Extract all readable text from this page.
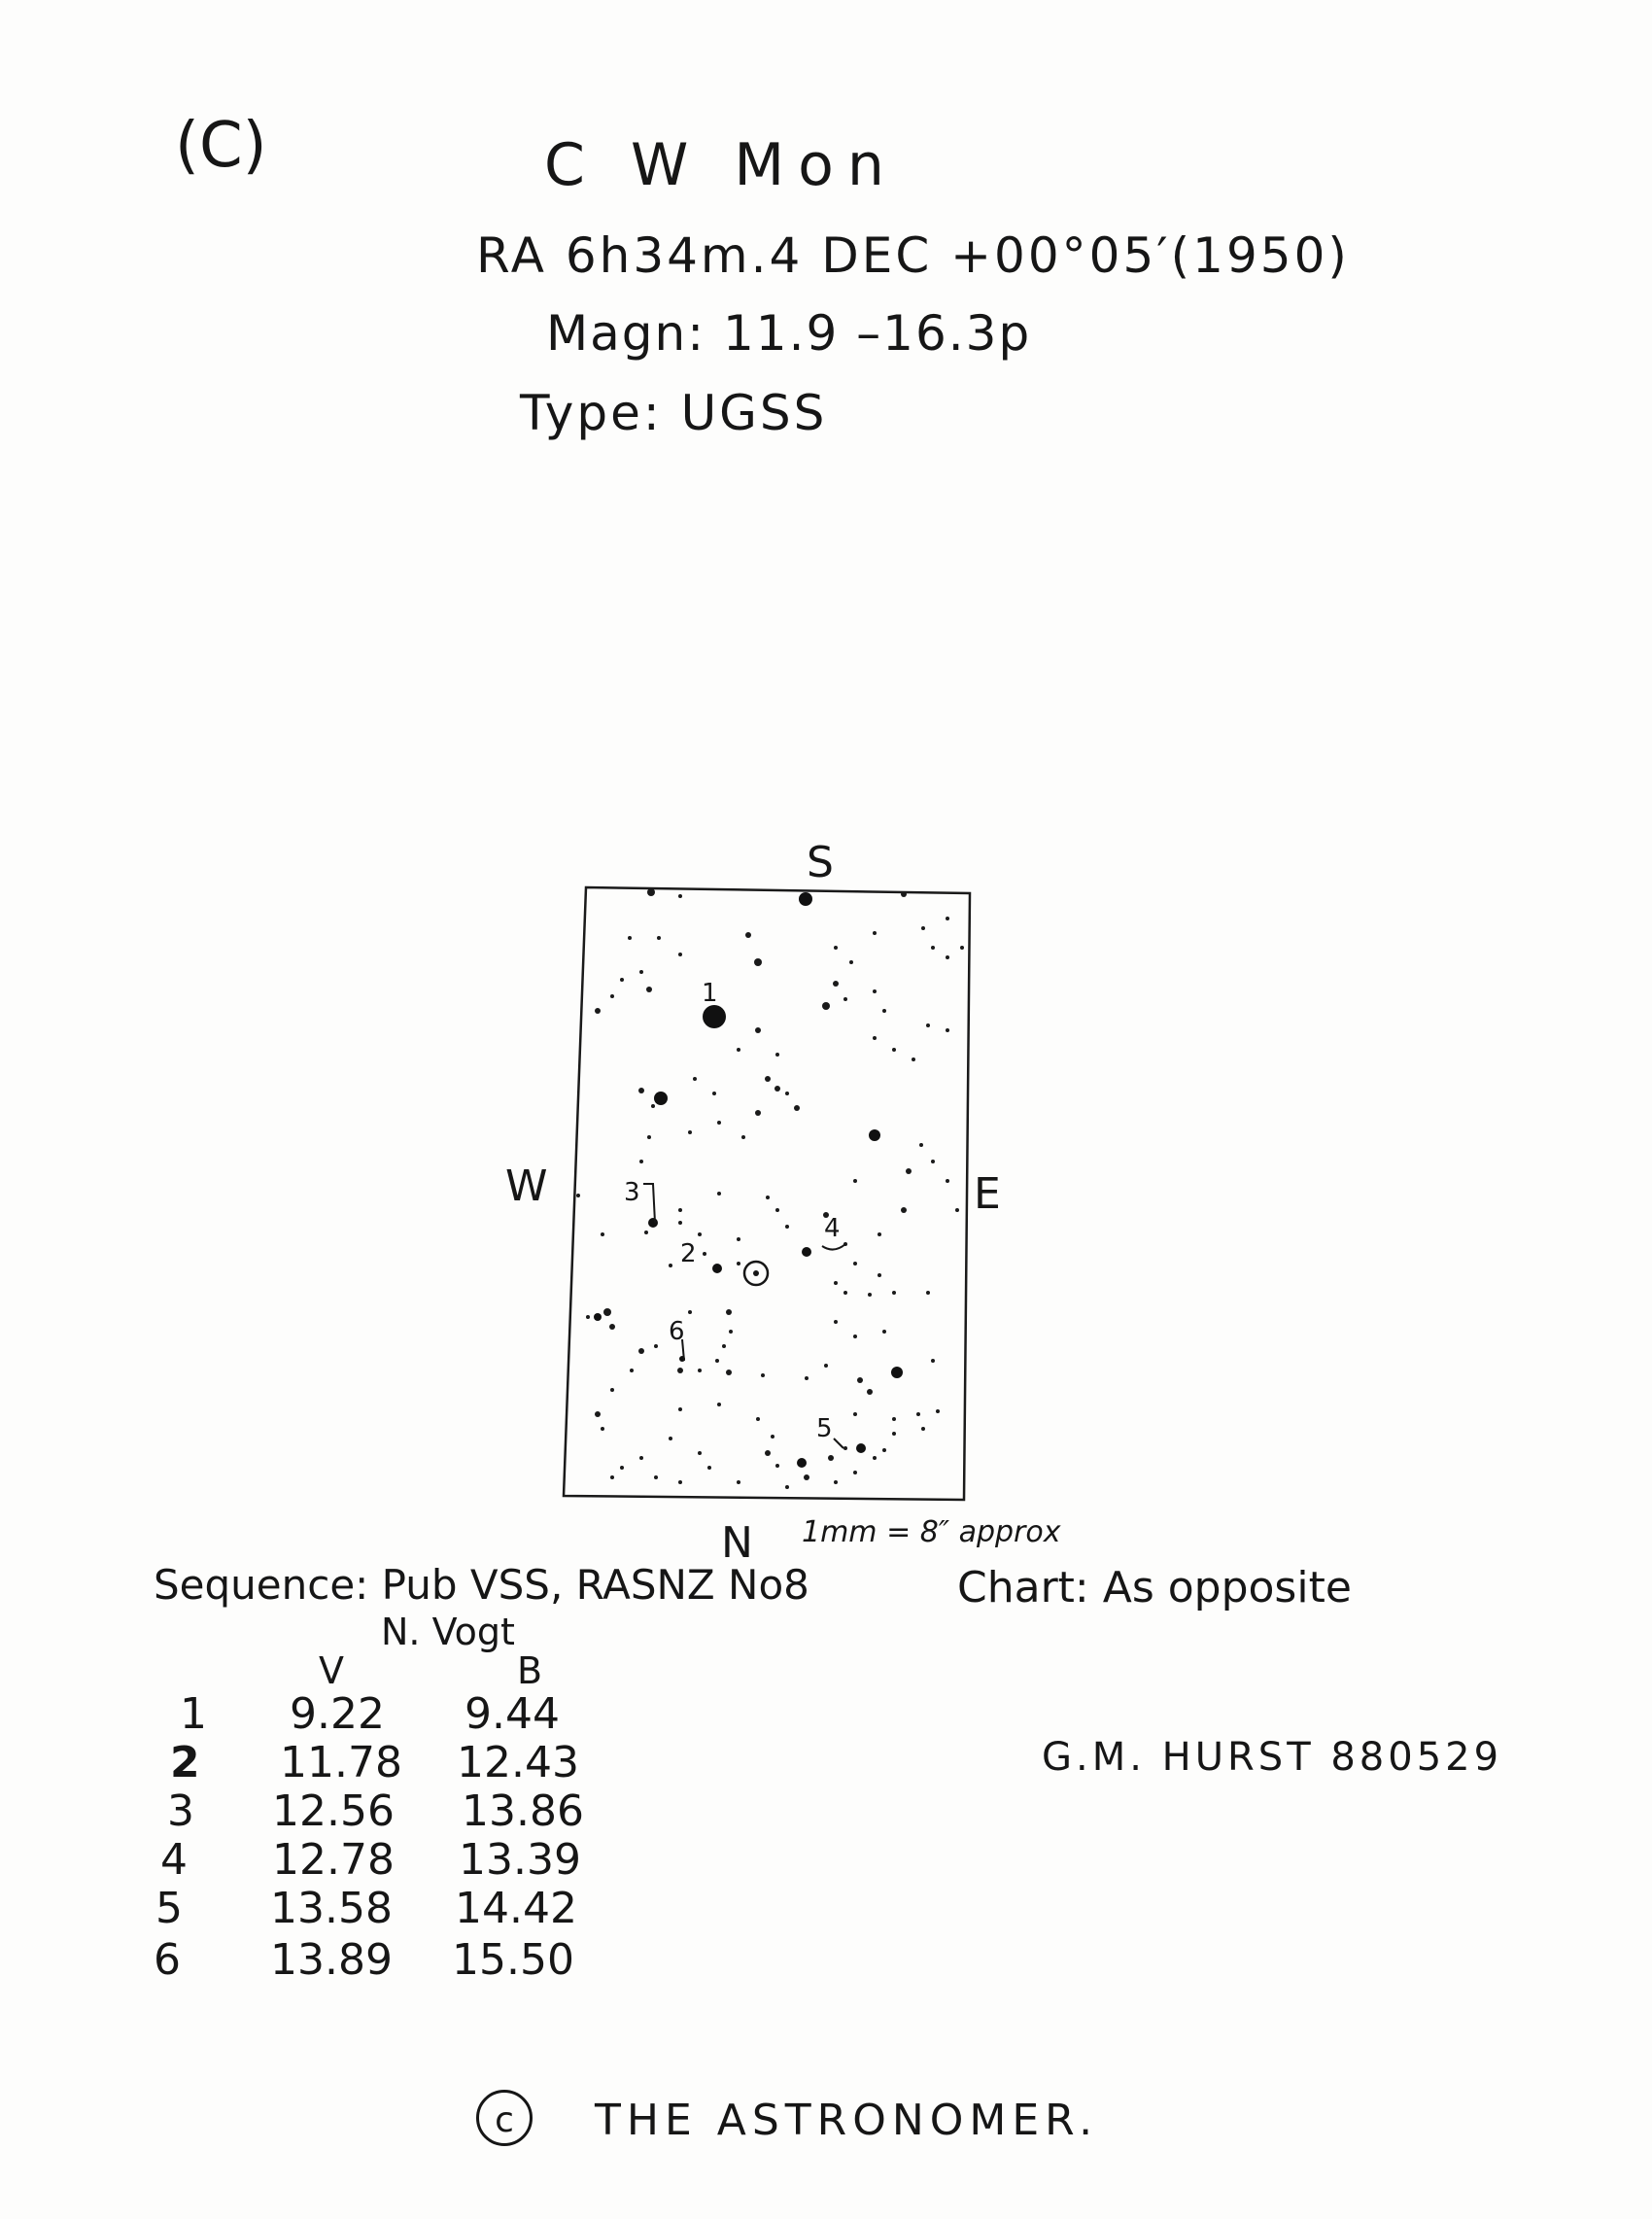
(C)	C W Mon
RA 6h34m.4 DEC +00°05′(1950)
Magn: 11.9 –16.3p
Type: UGSS
S
N
W	E
1
2
3
4
5
6
1mm = 8″ approx
Sequence: Pub VSS, RASNZ No8
N. Vogt
Chart: As opposite
V	B
1 9.22 9.44
2 11.78 12.43
3 12.56 13.86
4 12.78 13.39
5 13.58 14.42
6 13.89 15.50
G.M. HURST 880529
c	THE ASTRONOMER.
